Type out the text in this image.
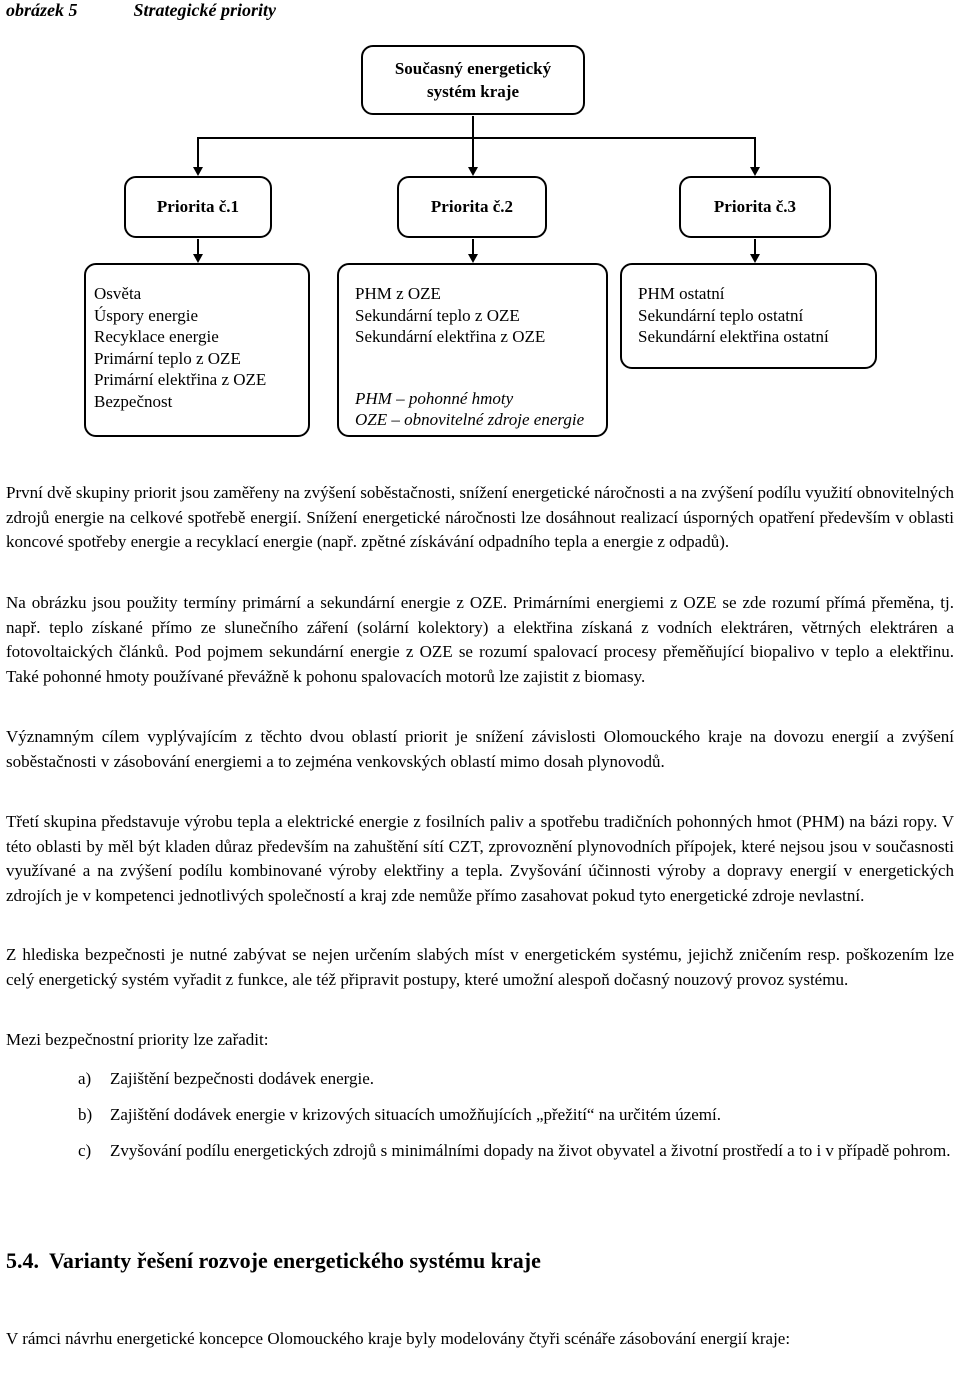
obrázek 5	Strategické priority
Současný energetický
systém kraje
Priorita č.1	Priorita č.2	Priorita č.3
Osvěta
Úspory energie
Recyklace energie
Primární teplo z OZE
Primární elektřina z OZE
Bezpečnost
PHM z OZE
Sekundární teplo z OZE
Sekundární elektřina z OZE
PHM – pohonné hmoty
OZE – obnovitelné zdroje energie
PHM ostatní
Sekundární teplo ostatní
Sekundární elektřina ostatní
První dvě skupiny priorit jsou zaměřeny na zvýšení soběstačnosti, snížení energetické náročnosti a na zvýšení podílu využití obnovitelných zdrojů energie na celkové spotřebě energií. Snížení energetické náročnosti lze dosáhnout realizací úsporných opatření především v oblasti koncové spotřeby energie a recyklací energie (např. zpětné získávání odpadního tepla a energie z odpadů).
Na obrázku jsou použity termíny primární a sekundární energie z OZE. Primárními energiemi z OZE se zde rozumí přímá přeměna, tj. např. teplo získané přímo ze slunečního záření (solární kolektory) a elektřina získaná z vodních elektráren, větrných elektráren a fotovoltaických článků. Pod pojmem sekundární energie z OZE se rozumí spalovací procesy přeměňující biopalivo v teplo a elektřinu. Také pohonné hmoty používané převážně k pohonu spalovacích motorů lze zajistit z biomasy.
Významným cílem vyplývajícím z těchto dvou oblastí priorit je snížení závislosti Olomouckého kraje na dovozu energií a zvýšení soběstačnosti v zásobování energiemi a to zejména venkovských oblastí mimo dosah plynovodů.
Třetí skupina představuje výrobu tepla a elektrické energie z fosilních paliv a spotřebu tradičních pohonných hmot (PHM) na bázi ropy. V této oblasti by měl být kladen důraz především na zahuštění sítí CZT, zprovoznění plynovodních přípojek, které nejsou jsou v současnosti využívané a na zvýšení podílu kombinované výroby elektřiny a tepla. Zvyšování účinnosti výroby a dopravy energií v energetických zdrojích je v kompetenci jednotlivých společností a kraj zde nemůže přímo zasahovat pokud tyto energetické zdroje nevlastní.
Z hlediska bezpečnosti je nutné zabývat se nejen určením slabých míst v energetickém systému, jejichž zničením resp. poškozením lze celý energetický systém vyřadit z funkce, ale též připravit postupy, které umožní alespoň dočasný nouzový provoz systému.
Mezi bezpečnostní priority lze zařadit:
a) Zajištění bezpečnosti dodávek energie.
b) Zajištění dodávek energie v krizových situacích umožňujících „přežití“ na určitém území.
c) Zvyšování podílu energetických zdrojů s minimálními dopady na život obyvatel a životní prostředí a to i v případě pohrom.
5.4. Varianty řešení rozvoje energetického systému kraje
V rámci návrhu energetické koncepce Olomouckého kraje byly modelovány čtyři scénáře zásobování energií kraje:
